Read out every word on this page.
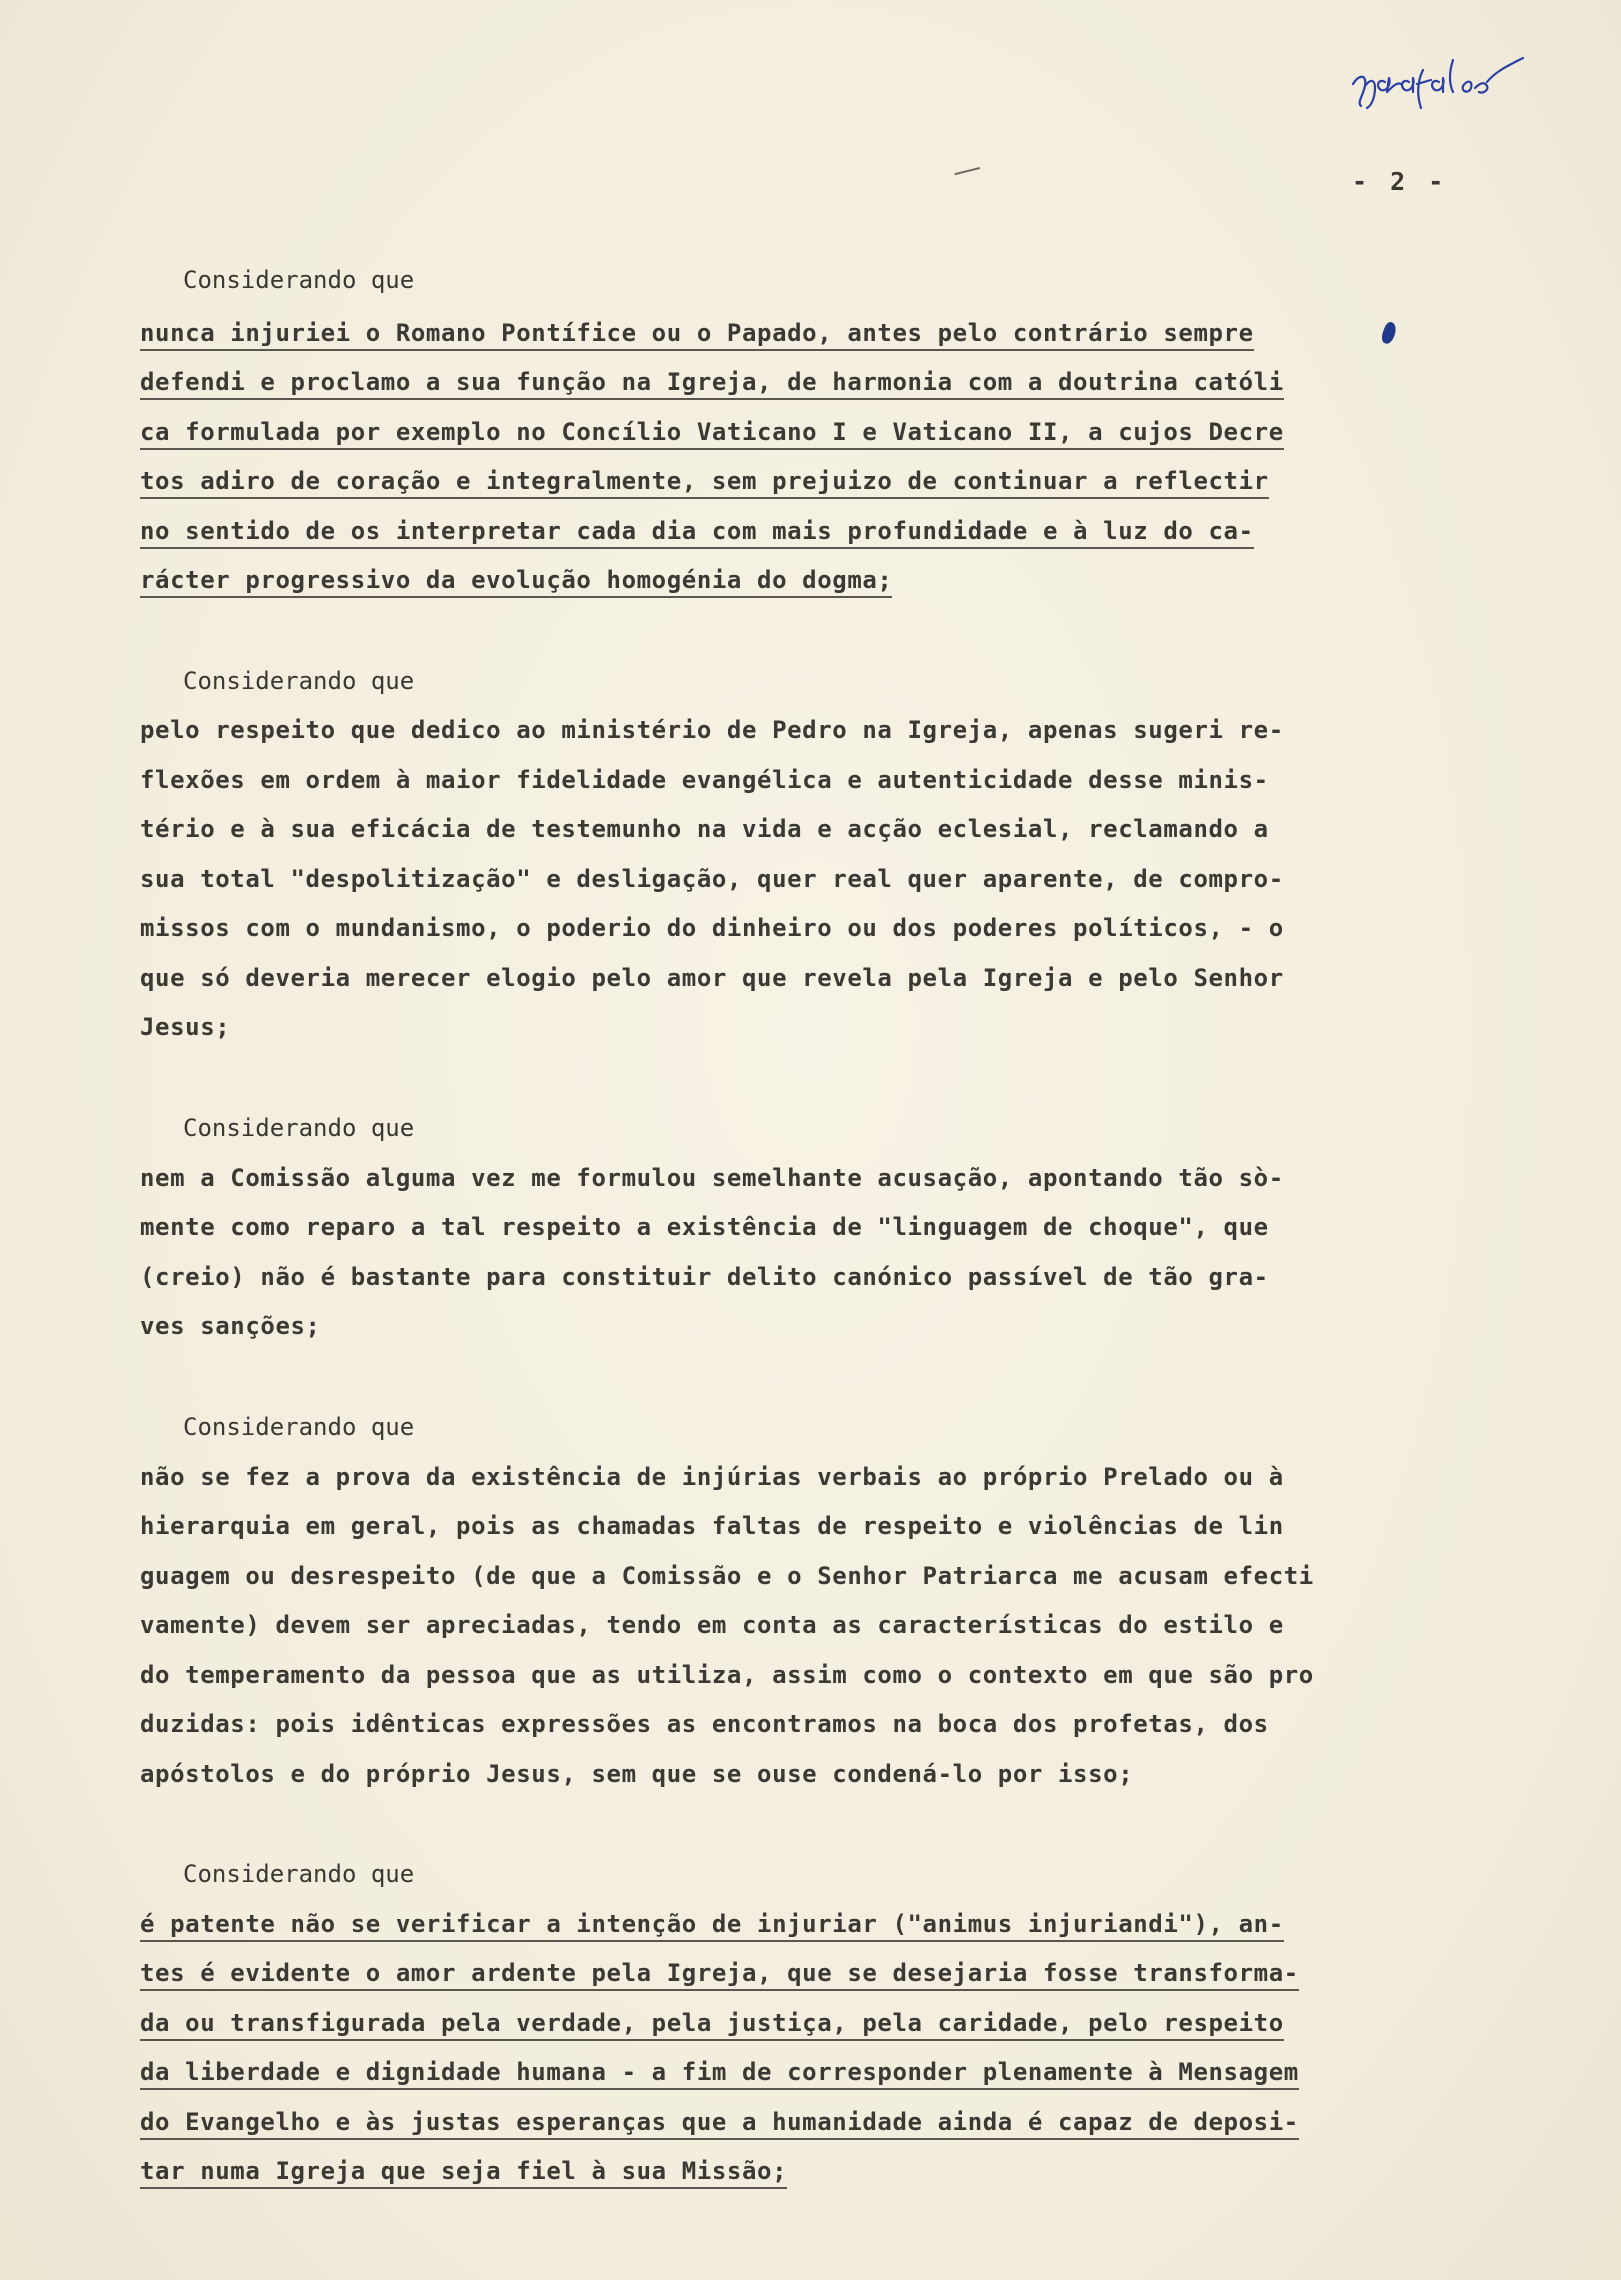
- 2 -
Considerando que
nunca injuriei o Romano Pontífice ou o Papado, antes pelo contrário sempre
defendi e proclamo a sua função na Igreja, de harmonia com a doutrina católi
ca formulada por exemplo no Concílio Vaticano I e Vaticano II, a cujos Decre
tos adiro de coração e integralmente, sem prejuizo de continuar a reflectir
no sentido de os interpretar cada dia com mais profundidade e à luz do ca-
rácter progressivo da evolução homogénia do dogma;
Considerando que
pelo respeito que dedico ao ministério de Pedro na Igreja, apenas sugeri re-
flexões em ordem à maior fidelidade evangélica e autenticidade desse minis-
tério e à sua eficácia de testemunho na vida e acção eclesial, reclamando a
sua total "despolitização" e desligação, quer real quer aparente, de compro-
missos com o mundanismo, o poderio do dinheiro ou dos poderes políticos, - o
que só deveria merecer elogio pelo amor que revela pela Igreja e pelo Senhor
Jesus;
Considerando que
nem a Comissão alguma vez me formulou semelhante acusação, apontando tão sò-
mente como reparo a tal respeito a existência de "linguagem de choque", que
(creio) não é bastante para constituir delito canónico passível de tão gra-
ves sanções;
Considerando que
não se fez a prova da existência de injúrias verbais ao próprio Prelado ou à
hierarquia em geral, pois as chamadas faltas de respeito e violências de lin
guagem ou desrespeito (de que a Comissão e o Senhor Patriarca me acusam efecti
vamente) devem ser apreciadas, tendo em conta as características do estilo e
do temperamento da pessoa que as utiliza, assim como o contexto em que são pro
duzidas: pois idênticas expressões as encontramos na boca dos profetas, dos
apóstolos e do próprio Jesus, sem que se ouse condená-lo por isso;
Considerando que
é patente não se verificar a intenção de injuriar ("animus injuriandi"), an-
tes é evidente o amor ardente pela Igreja, que se desejaria fosse transforma-
da ou transfigurada pela verdade, pela justiça, pela caridade, pelo respeito
da liberdade e dignidade humana - a fim de corresponder plenamente à Mensagem
do Evangelho e às justas esperanças que a humanidade ainda é capaz de deposi-
tar numa Igreja que seja fiel à sua Missão;
